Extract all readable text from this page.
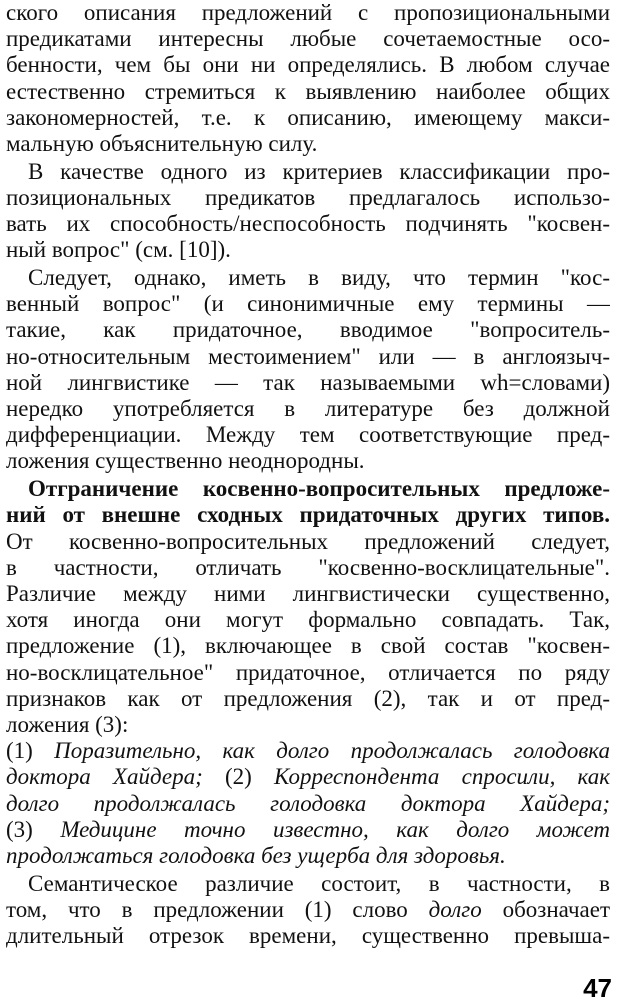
ского описания предложений с пропозициональными
предикатами интересны любые сочетаемостные осо-
бенности, чем бы они ни определялись. В любом случае
естественно стремиться к выявлению наиболее общих
закономерностей, т.е. к описанию, имеющему макси-
мальную объяснительную силу.
В качестве одного из критериев классификации про-
позициональных предикатов предлагалось использо-
вать их способность/неспособность подчинять "косвен-
ный вопрос" (см. [10]).
Следует, однако, иметь в виду, что термин "кос-
венный вопрос" (и синонимичные ему термины —
такие, как придаточное, вводимое "вопроситель-
но-относительным местоимением" или — в англоязыч-
ной лингвистике — так называемыми wh=словами)
нередко употребляется в литературе без должной
дифференциации. Между тем соответствующие пред-
ложения существенно неоднородны.
Отграничение косвенно-вопросительных предложе-
ний от внешне сходных придаточных других типов.
От косвенно-вопросительных предложений следует,
в частности, отличать "косвенно-восклицательные".
Различие между ними лингвистически существенно,
хотя иногда они могут формально совпадать. Так,
предложение (1), включающее в свой состав "косвен-
но-восклицательное" придаточное, отличается по ряду
признаков как от предложения (2), так и от пред-
ложения (3):
(1) Поразительно, как долго продолжалась голодовка
доктора Хайдера; (2) Корреспондента спросили, как
долго продолжалась голодовка доктора Хайдера;
(3) Медицине точно известно, как долго может
продолжаться голодовка без ущерба для здоровья.
Семантическое различие состоит, в частности, в
том, что в предложении (1) слово долго обозначает
длительный отрезок времени, существенно превыша-
47
